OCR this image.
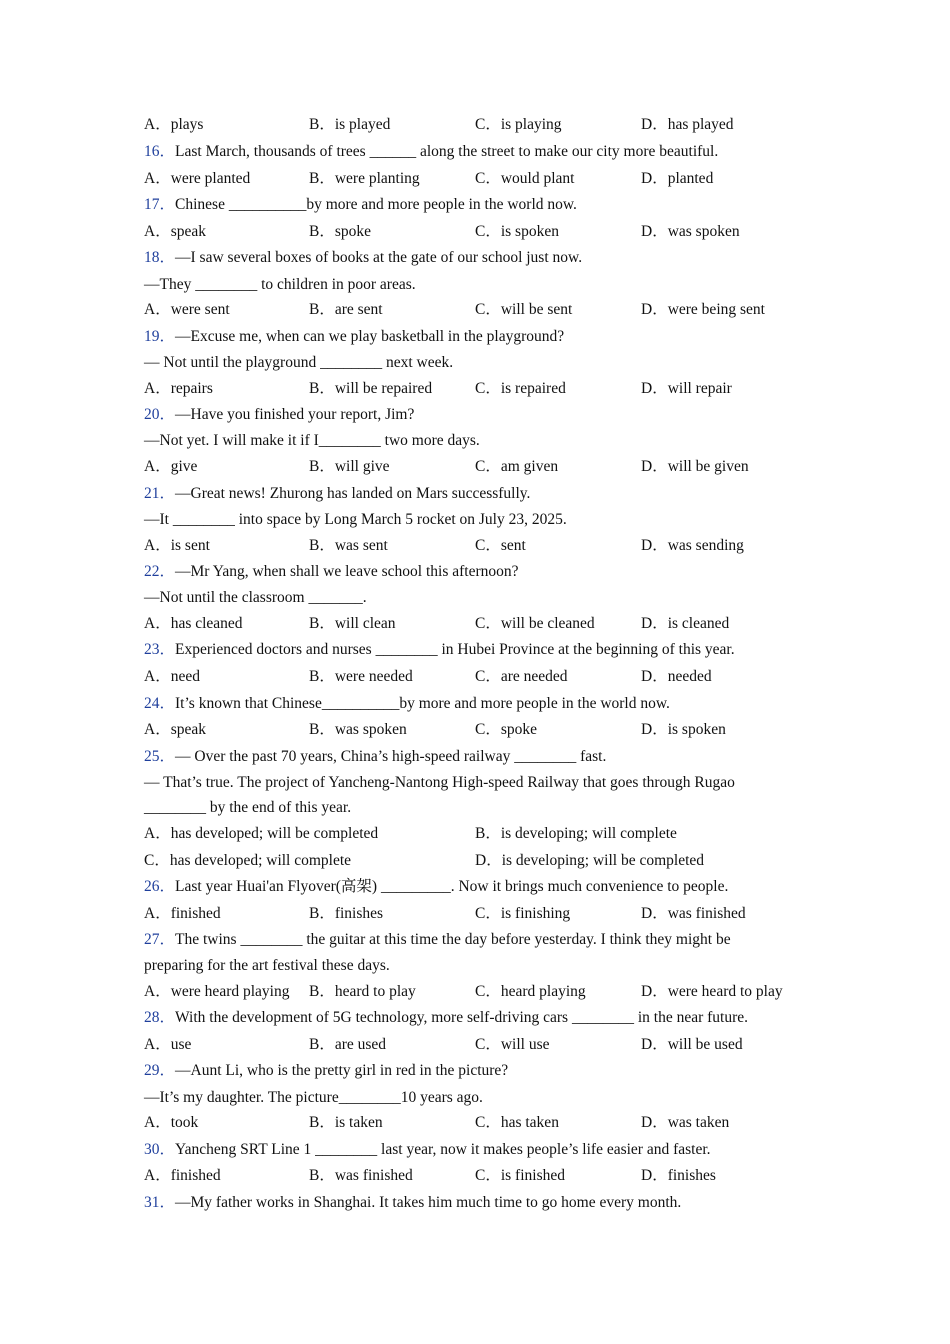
A．plays	B．is played	C．is playing	D．has played
16．Last March, thousands of trees ______ along the street to make our city more beautiful.
A．were planted	B．were planting	C．would plant	D．planted
17．Chinese __________by more and more people in the world now.
A．speak	B．spoke	C．is spoken	D．was spoken
18．—I saw several boxes of books at the gate of our school just now.
—They ________ to children in poor areas.
A．were sent	B．are sent	C．will be sent	D．were being sent
19．—Excuse me, when can we play basketball in the playground?
— Not until the playground ________ next week.
A．repairs	B．will be repaired	C．is repaired	D．will repair
20．—Have you finished your report, Jim?
—Not yet. I will make it if I________ two more days.
A．give	B．will give	C．am given	D．will be given
21．—Great news! Zhurong has landed on Mars successfully.
—It ________ into space by Long March 5 rocket on July 23, 2025.
A．is sent	B．was sent	C．sent	D．was sending
22．—Mr Yang, when shall we leave school this afternoon?
—Not until the classroom _______.
A．has cleaned	B．will clean	C．will be cleaned	D．is cleaned
23．Experienced doctors and nurses ________ in Hubei Province at the beginning of this year.
A．need	B．were needed	C．are needed	D．needed
24．It’s known that Chinese__________by more and more people in the world now.
A．speak	B．was spoken	C．spoke	D．is spoken
25．— Over the past 70 years, China’s high-speed railway ________ fast.
— That’s true. The project of Yancheng-Nantong High-speed Railway that goes through Rugao
________ by the end of this year.
A．has developed; will be completed	B．is developing; will complete
C．has developed; will complete	D．is developing; will be completed
26．Last year Huai'an Flyover(高架) _________. Now it brings much convenience to people.
A．finished	B．finishes	C．is finishing	D．was finished
27．The twins ________ the guitar at this time the day before yesterday. I think they might be
preparing for the art festival these days.
A．were heard playing B．heard to play	C．heard playing	D．were heard to play
28．With the development of 5G technology, more self-driving cars ________ in the near future.
A．use	B．are used	C．will use	D．will be used
29．—Aunt Li, who is the pretty girl in red in the picture?
—It’s my daughter. The picture________10 years ago.
A．took	B．is taken	C．has taken	D．was taken
30．Yancheng SRT Line 1 ________ last year, now it makes people’s life easier and faster.
A．finished	B．was finished	C．is finished	D．finishes
31．—My father works in Shanghai. It takes him much time to go home every month.
